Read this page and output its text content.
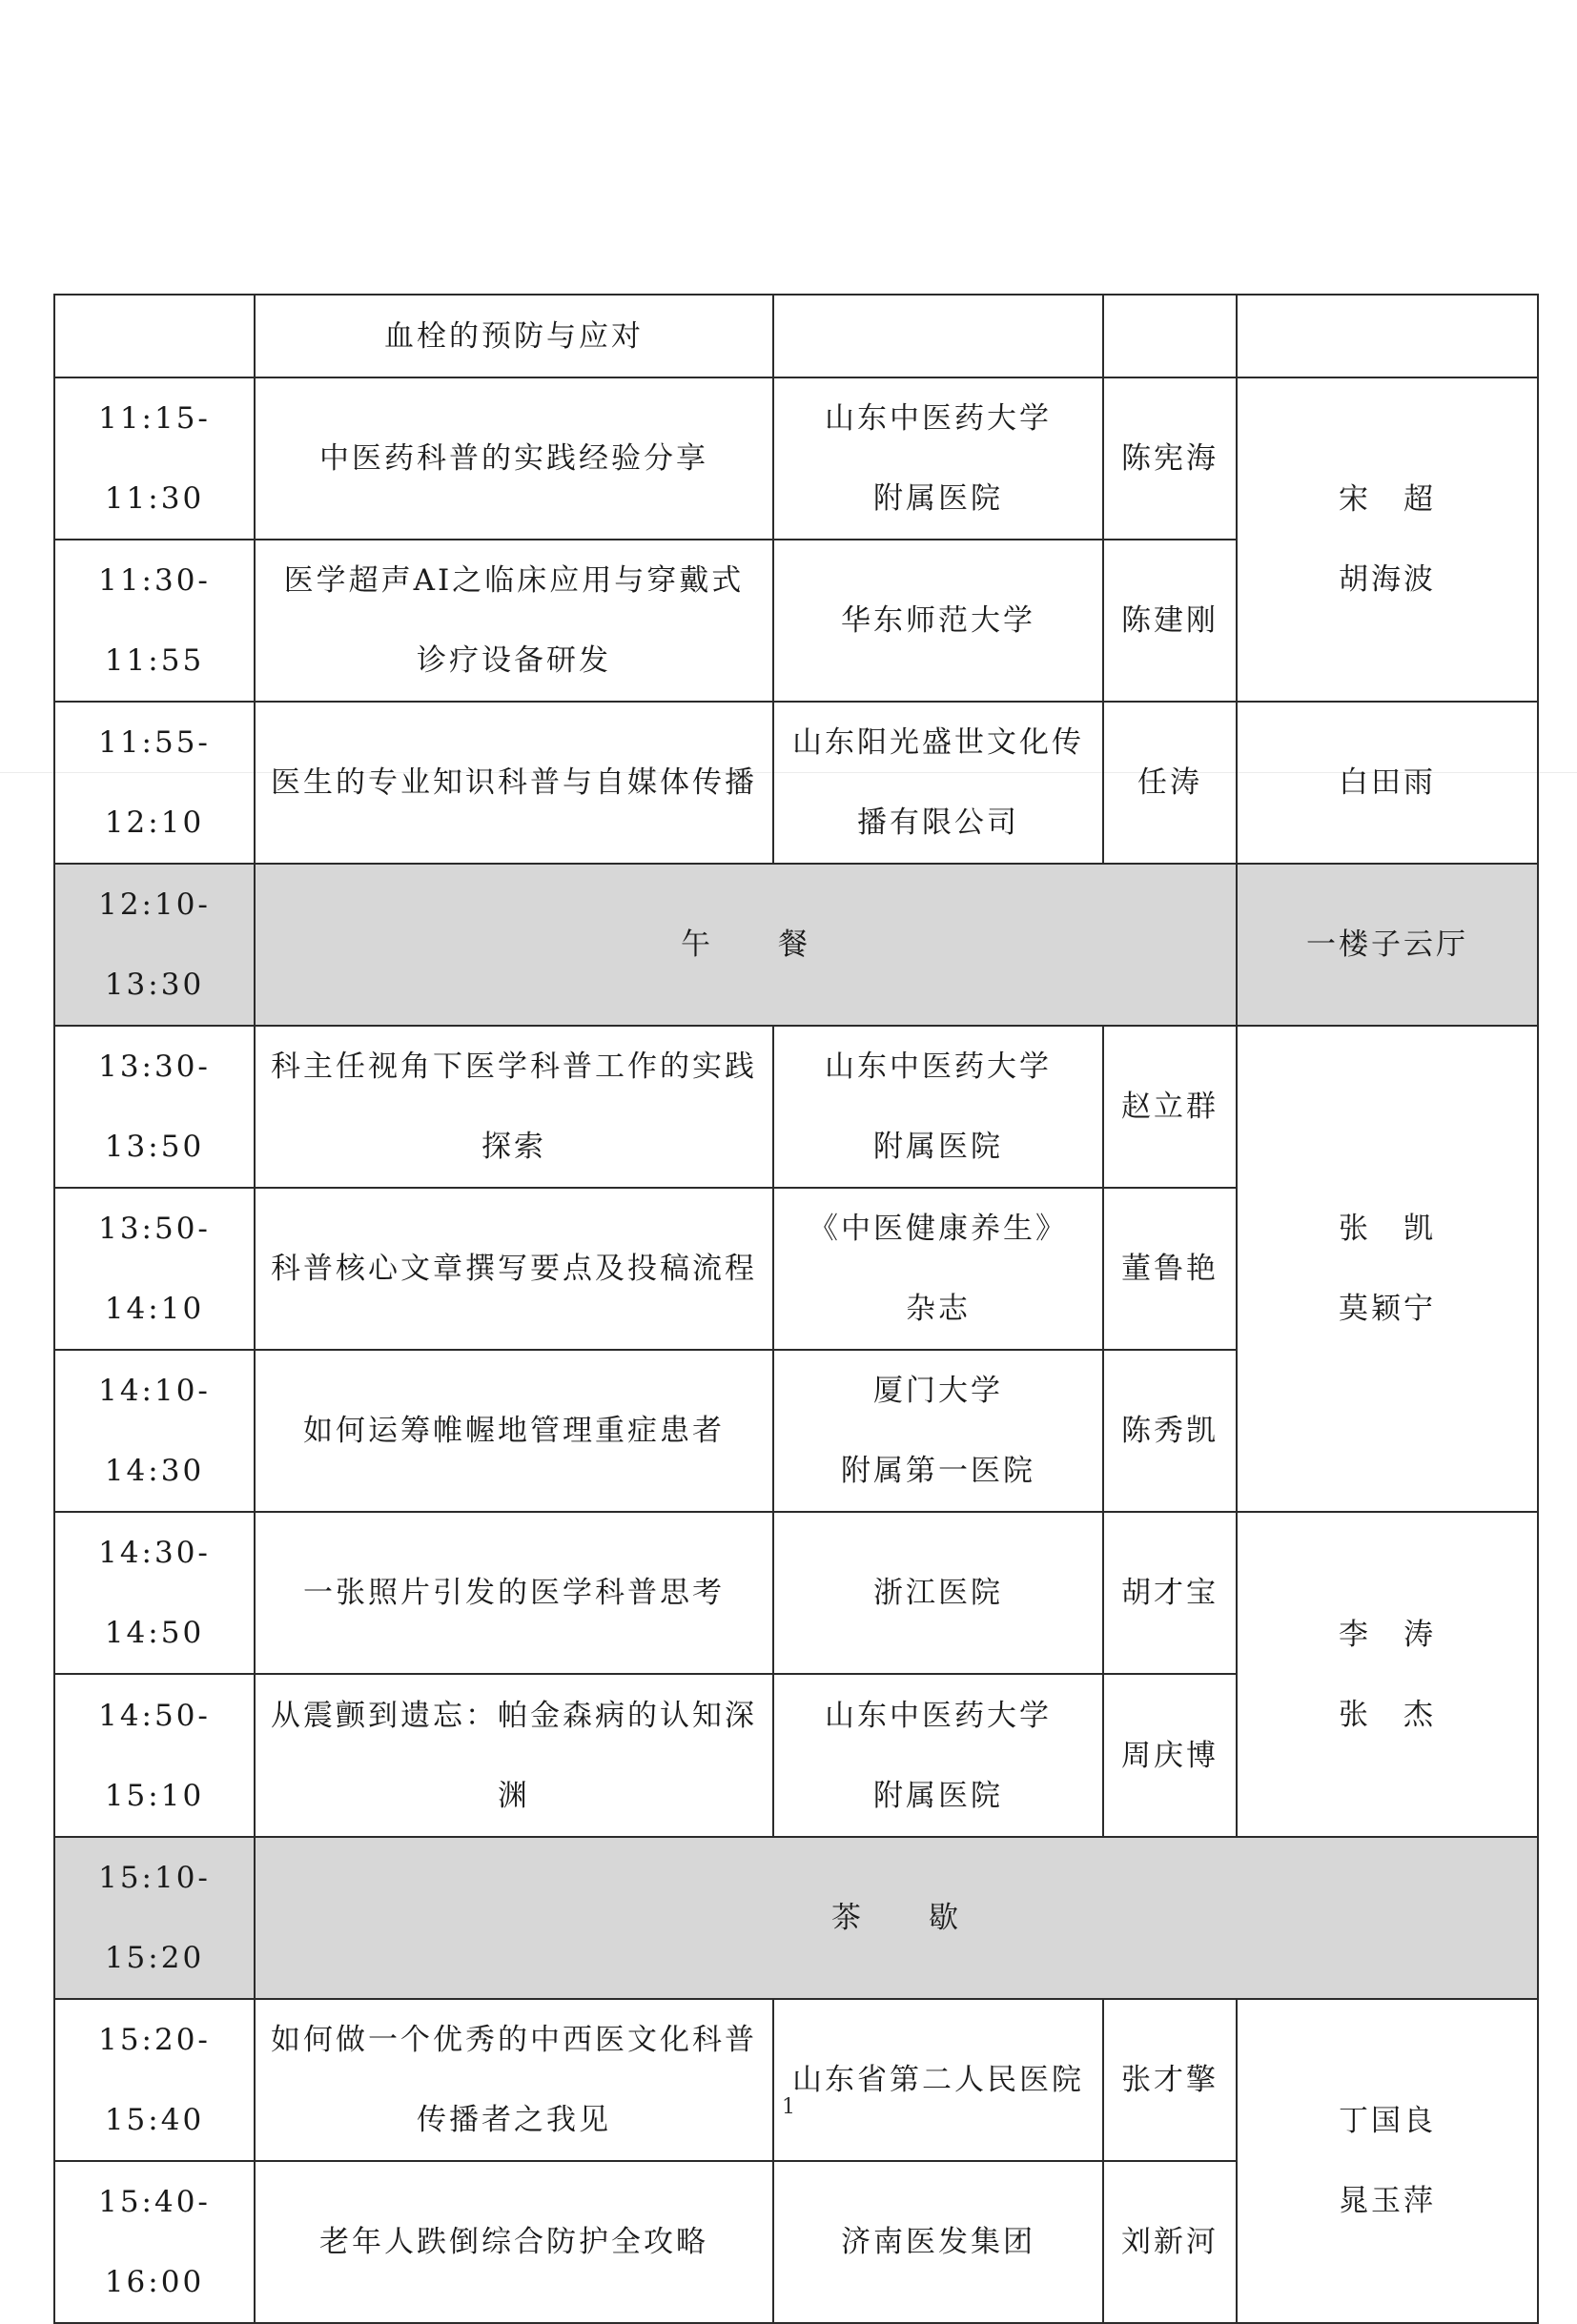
	血栓的预防与应对			
11:15-11:30	中医药科普的实践经验分享	山东中医药大学
附属医院	陈宪海	宋　超
胡海波

11:30-11:55	医学超声AI之临床应用与穿戴式
诊疗设备研发	华东师范大学	陈建刚	
11:55-12:10	医生的专业知识科普与自媒体传播	山东阳光盛世文化传
播有限公司	任涛	白田雨
12:10-13:30	午　　餐			一楼子云厅
13:30-13:50	科主任视角下医学科普工作的实践
探索	山东中医药大学
附属医院	赵立群	张　凯
莫颖宁

13:50-14:10	科普核心文章撰写要点及投稿流程	《中医健康养生》
杂志	董鲁艳	
14:10-14:30	如何运筹帷幄地管理重症患者	厦门大学
附属第一医院	陈秀凯	
14:30-14:50	一张照片引发的医学科普思考	浙江医院	胡才宝	李　涛
张　杰

14:50-15:10	从震颤到遗忘：帕金森病的认知深
渊	山东中医药大学
附属医院	周庆博	
15:10-15:20	茶　　歇			
15:20-15:40	如何做一个优秀的中西医文化科普
传播者之我见	山东省第二人民医院	张才擎	丁国良
晁玉萍

15:40-16:00	老年人跌倒综合防护全攻略	济南医发集团	刘新河	
1
